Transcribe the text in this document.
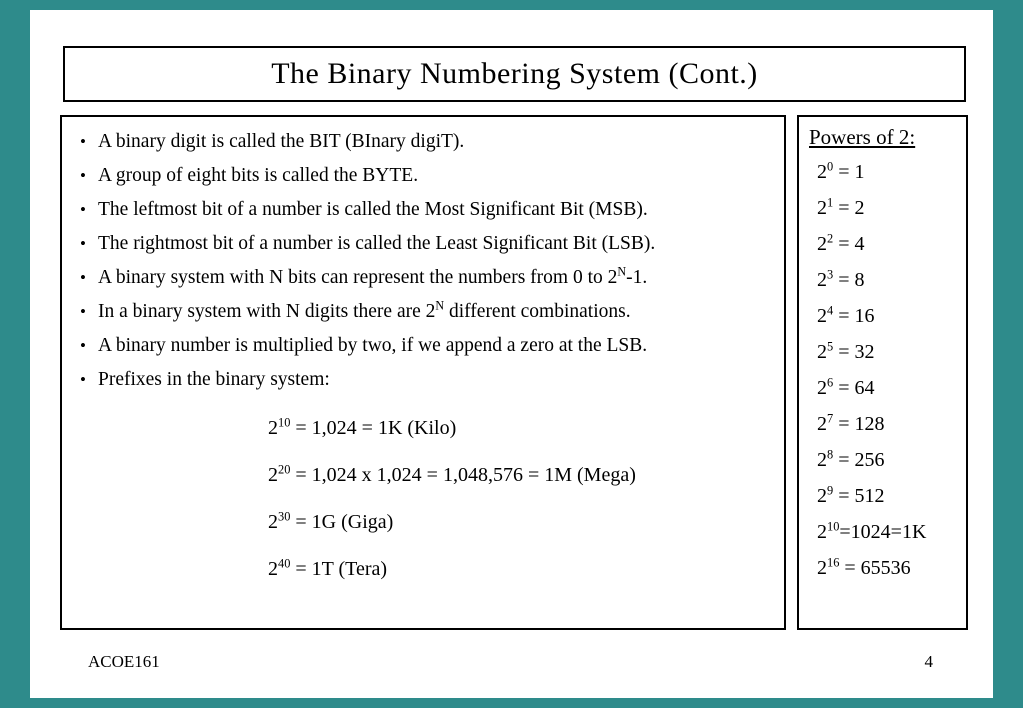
The Binary Numbering System (Cont.)
• A binary digit is called the BIT (BInary digiT).
• A group of eight bits is called the BYTE.
• The leftmost bit of a number is called the Most Significant Bit (MSB).
• The rightmost bit of a number is called the Least Significant Bit (LSB).
• A binary system with N bits can represent the numbers from 0 to $2^N-1$.
• In a binary system with N digits there are $2^N$ different combinations.
• A binary number is multiplied by two, if we append a zero at the LSB.
• Prefixes in the binary system:
$2^{10} = 1,024 = 1K$ (Kilo)
$2^{20} = 1,024$ x 1,024 = 1,048,576 = 1M (Mega)
$2^{30} = 1G$ (Giga)
$2^{40} = 1T$ (Tera)
Powers of 2:
$2^0 = 1$
$2^1 = 2$
$2^2 = 4$
$2^3 = 8$
$2^4 = 16$
$2^5 = 32$
$2^6 = 64$
$2^7 = 128$
$2^8 = 256$
$2^9 = 512$
$2^{10}=1024=1K$
$2^{16} = 65536$
ACOE161	4
